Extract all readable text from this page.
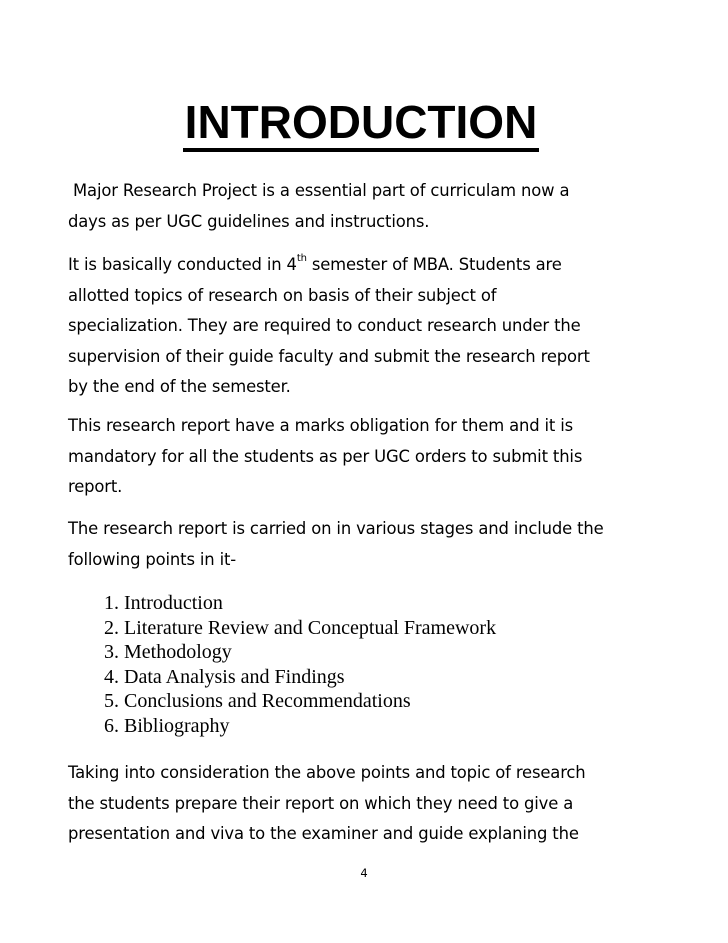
INTRODUCTION

Major Research Project is a essential part of curriculam now a
days as per UGC guidelines and instructions.

It is basically conducted in 4th semester of MBA. Students are
allotted topics of research on basis of their subject of
specialization. They are required to conduct research under the
supervision of their guide faculty and submit the research report
by the end of the semester.

This research report have a marks obligation for them and it is
mandatory for all the students as per UGC orders to submit this
report.

The research report is carried on in various stages and include the
following points in it-

1. Introduction
2. Literature Review and Conceptual Framework
3. Methodology
4. Data Analysis and Findings
5. Conclusions and Recommendations
6. Bibliography

Taking into consideration the above points and topic of research
the students prepare their report on which they need to give a
presentation and viva to the examiner and guide explaning the

4
